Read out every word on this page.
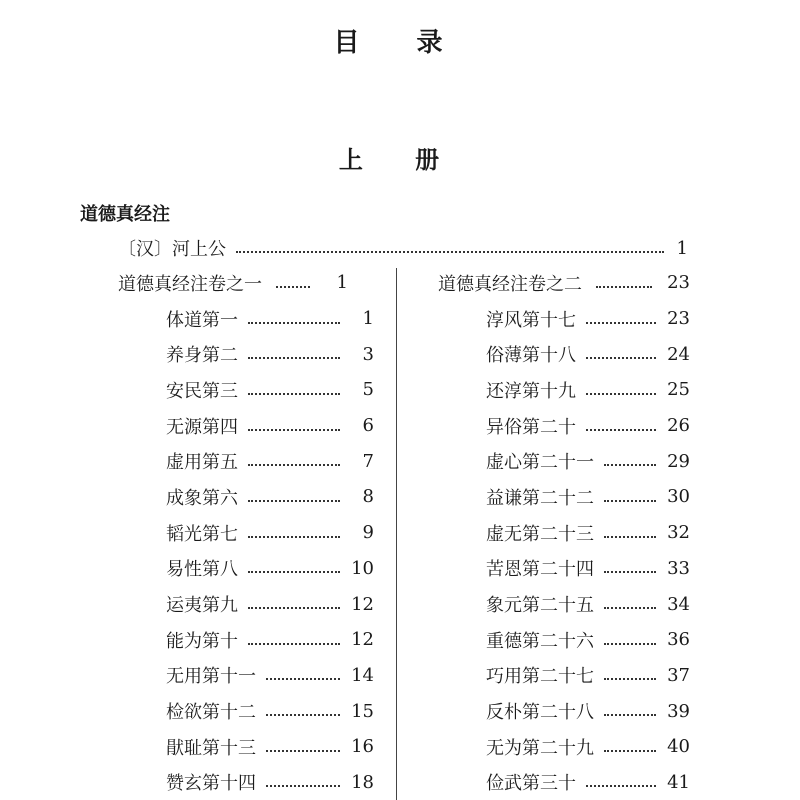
目 录
上 册
道德真经注
〔汉〕河上公	1
道德真经注卷之一	1
体道第一	1
养身第二	3
安民第三	5
无源第四	6
虚用第五	7
成象第六	8
韬光第七	9
易性第八	10
运夷第九	12
能为第十	12
无用第十一	14
检欲第十二	15
猒耻第十三	16
赞玄第十四	18
道德真经注卷之二	23
淳风第十七	23
俗薄第十八	24
还淳第十九	25
异俗第二十	26
虚心第二十一	29
益谦第二十二	30
虚无第二十三	32
苦恩第二十四	33
象元第二十五	34
重德第二十六	36
巧用第二十七	37
反朴第二十八	39
无为第二十九	40
俭武第三十	41
